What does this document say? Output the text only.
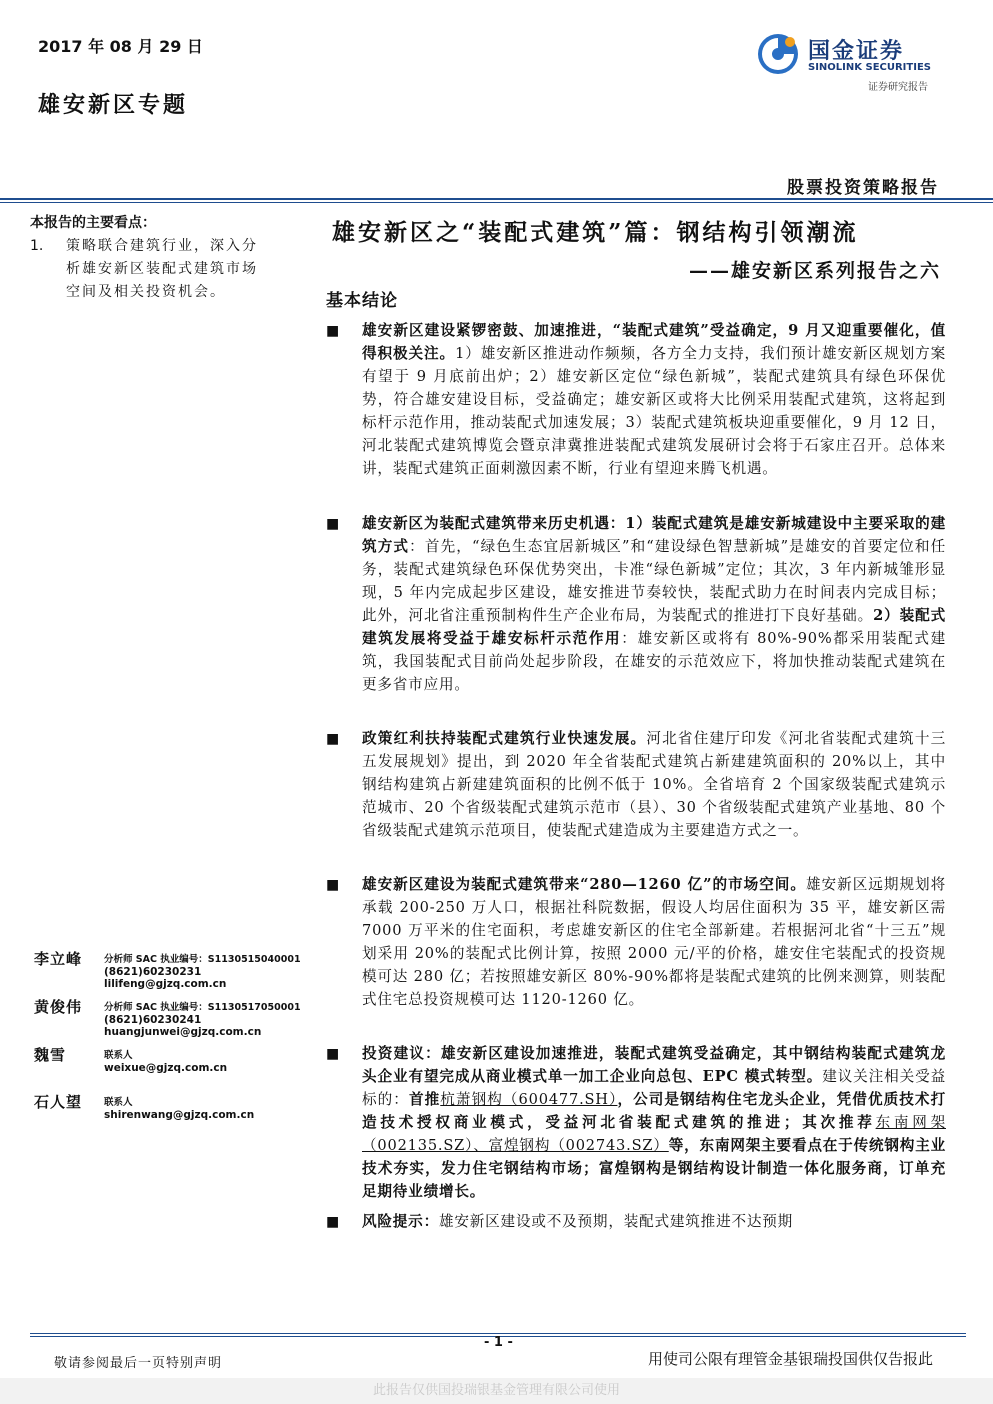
2017 年 08 月 29 日
雄安新区专题
国金证券
SINOLINK SECURITIES
证券研究报告
股票投资策略报告
本报告的主要看点：
1.	策略联合建筑行业，深入分析雄安新区装配式建筑市场空间及相关投资机会。
雄安新区之“装配式建筑”篇：钢结构引领潮流
——雄安新区系列报告之六
基本结论
■	雄安新区建设紧锣密鼓、加速推进，“装配式建筑”受益确定，9 月又迎重要催化，值得积极关注。1）雄安新区推进动作频频，各方全力支持，我们预计雄安新区规划方案有望于 9 月底前出炉；2）雄安新区定位“绿色新城”，装配式建筑具有绿色环保优势，符合雄安建设目标，受益确定；雄安新区或将大比例采用装配式建筑，这将起到标杆示范作用，推动装配式加速发展；3）装配式建筑板块迎重要催化，9 月 12 日，河北装配式建筑博览会暨京津冀推进装配式建筑发展研讨会将于石家庄召开。总体来讲，装配式建筑正面刺激因素不断，行业有望迎来腾飞机遇。
■	雄安新区为装配式建筑带来历史机遇：1）装配式建筑是雄安新城建设中主要采取的建筑方式：首先，“绿色生态宜居新城区”和“建设绿色智慧新城”是雄安的首要定位和任务，装配式建筑绿色环保优势突出，卡准“绿色新城”定位；其次，3 年内新城雏形显现，5 年内完成起步区建设，雄安推进节奏较快，装配式助力在时间表内完成目标；此外，河北省注重预制构件生产企业布局，为装配式的推进打下良好基础。2）装配式建筑发展将受益于雄安标杆示范作用：雄安新区或将有 80%-90%都采用装配式建筑，我国装配式目前尚处起步阶段，在雄安的示范效应下，将加快推动装配式建筑在更多省市应用。
■	政策红利扶持装配式建筑行业快速发展。河北省住建厅印发《河北省装配式建筑十三五发展规划》提出，到 2020 年全省装配式建筑占新建建筑面积的 20%以上，其中钢结构建筑占新建建筑面积的比例不低于 10%。全省培育 2 个国家级装配式建筑示范城市、20 个省级装配式建筑示范市（县）、30 个省级装配式建筑产业基地、80 个省级装配式建筑示范项目，使装配式建造成为主要建造方式之一。
■	雄安新区建设为装配式建筑带来“280—1260 亿”的市场空间。雄安新区远期规划将承载 200-250 万人口，根据社科院数据，假设人均居住面积为 35 平，雄安新区需 7000 万平米的住宅面积，考虑雄安新区的住宅全部新建。若根据河北省“十三五”规划采用 20%的装配式比例计算，按照 2000 元/平的价格，雄安住宅装配式的投资规模可达 280 亿；若按照雄安新区 80%-90%都将是装配式建筑的比例来测算，则装配式住宅总投资规模可达 1120-1260 亿。
■	投资建议：雄安新区建设加速推进，装配式建筑受益确定，其中钢结构装配式建筑龙头企业有望完成从商业模式单一加工企业向总包、EPC 模式转型。建议关注相关受益标的：首推杭萧钢构（600477.SH），公司是钢结构住宅龙头企业，凭借优质技术打造技术授权商业模式，受益河北省装配式建筑的推进；其次推荐东南网架（002135.SZ）、富煌钢构（002743.SZ）等，东南网架主要看点在于传统钢构主业技术夯实，发力住宅钢结构市场；富煌钢构是钢结构设计制造一体化服务商，订单充足期待业绩增长。
■	风险提示：雄安新区建设或不及预期，装配式建筑推进不达预期
李立峰 分析师 SAC 执业编号：S1130515040001
(8621)60230231
lilifeng@gjzq.com.cn
黄俊伟 分析师 SAC 执业编号：S1130517050001
(8621)60230241
huangjunwei@gjzq.com.cn
魏雪	联系人
weixue@gjzq.com.cn
石人望 联系人
shirenwang@gjzq.com.cn
- 1 -
敬请参阅最后一页特别声明	用使司公限有理管金基银瑞投国供仅告报此
此报告仅供国投瑞银基金管理有限公司使用
